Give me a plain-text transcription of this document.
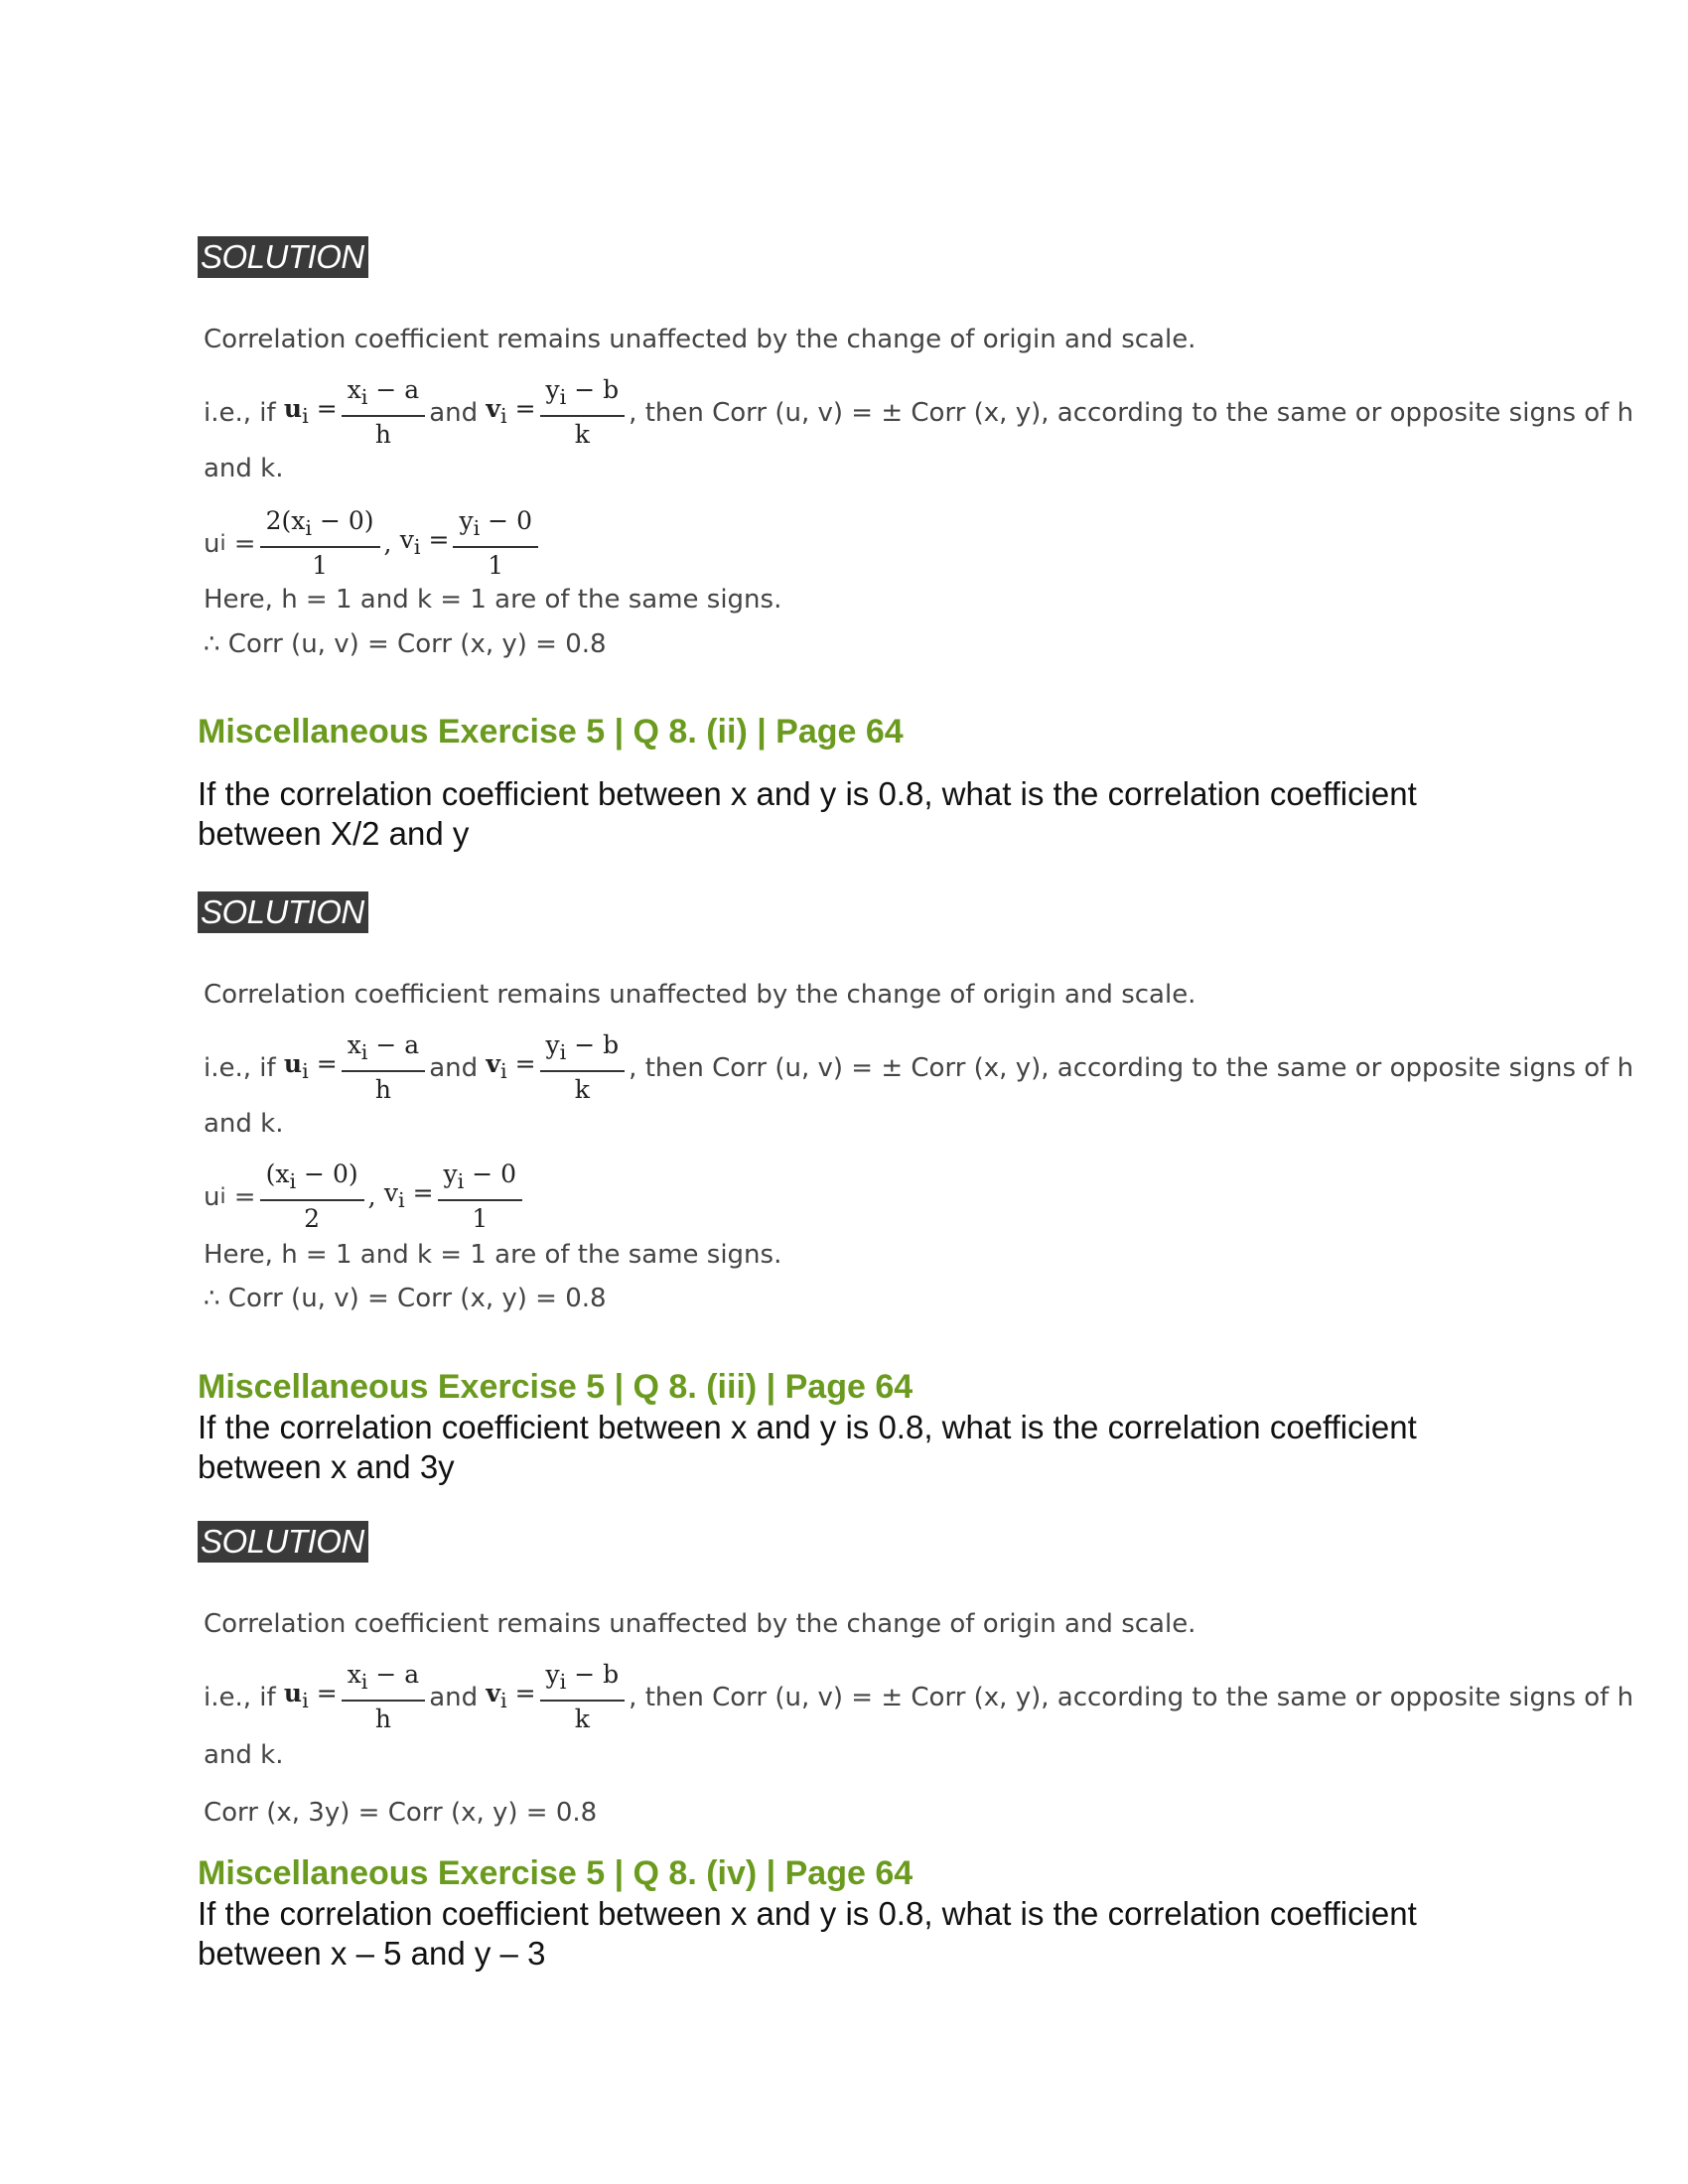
SOLUTION
Correlation coefficient remains unaffected by the change of origin and scale.
i.e., if
$u_i = \frac{x_i - a}{h}$ and
$v_i = \frac{y_i - b}{k}$ , then Corr (u, v) = ± Corr (x, y), according to the same or opposite signs of h
and k.
u i
= $\frac{2(x_i - 0)}{1}$ ,
$v_i = \frac{y_i - 0}{1}$
Here, h = 1 and k = 1 are of the same signs.
∴ Corr (u, v) = Corr (x, y) = 0.8
Miscellaneous Exercise 5 | Q 8. (ii) | Page 64
If the correlation coefficient between x and y is 0.8, what is the correlation coefficient
between X/2 and y
SOLUTION
Correlation coefficient remains unaffected by the change of origin and scale.
i.e., if
$u_i = \frac{x_i - a}{h}$ and
$v_i = \frac{y_i - b}{k}$ , then Corr (u, v) = ± Corr (x, y), according to the same or opposite signs of h
and k.
u i
= $\frac{(x_i - 0)}{2}$ ,
$v_i = \frac{y_i - 0}{1}$
Here, h = 1 and k = 1 are of the same signs.
∴ Corr (u, v) = Corr (x, y) = 0.8
Miscellaneous Exercise 5 | Q 8. (iii) | Page 64
If the correlation coefficient between x and y is 0.8, what is the correlation coefficient
between x and 3y
SOLUTION
Correlation coefficient remains unaffected by the change of origin and scale.
i.e., if
$u_i = \frac{x_i - a}{h}$ and
$v_i = \frac{y_i - b}{k}$ , then Corr (u, v) = ± Corr (x, y), according to the same or opposite signs of h
and k.
Corr (x, 3y) = Corr (x, y) = 0.8
Miscellaneous Exercise 5 | Q 8. (iv) | Page 64
If the correlation coefficient between x and y is 0.8, what is the correlation coefficient
between x – 5 and y – 3
